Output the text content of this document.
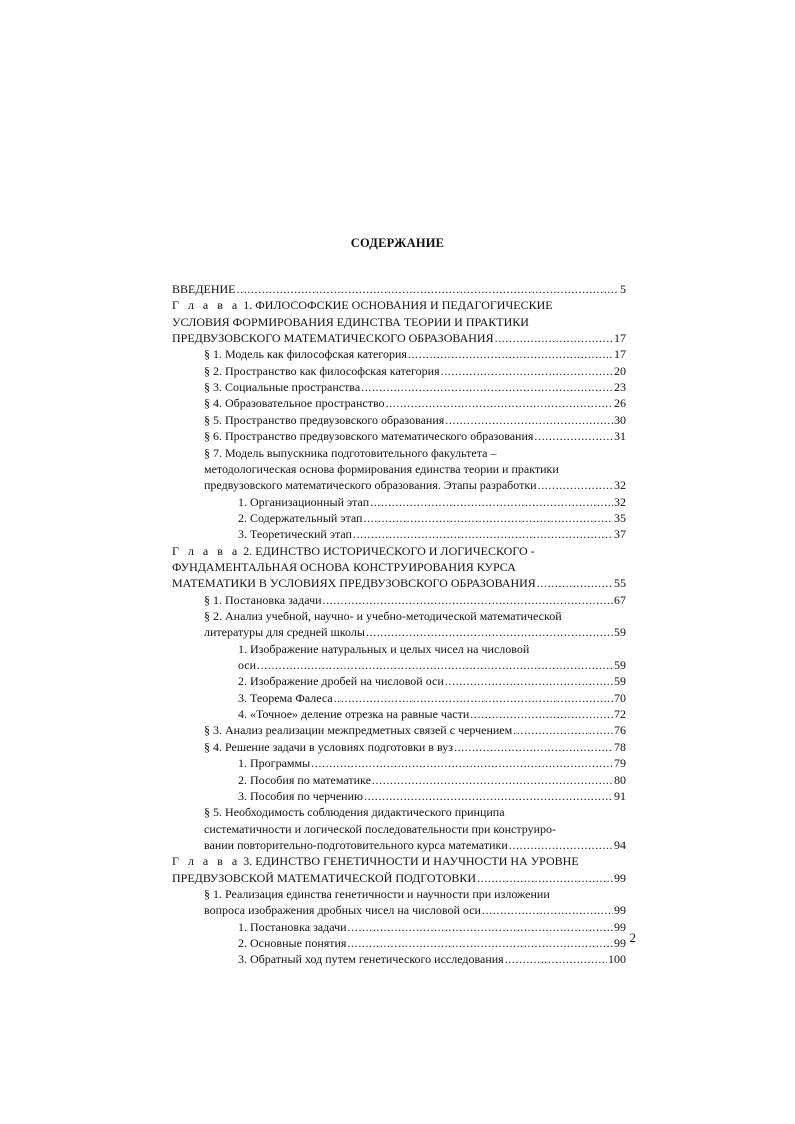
СОДЕРЖАНИЕ
ВВЕДЕНИЕ .....	5
Г л а в а 1. ФИЛОСОФСКИЕ ОСНОВАНИЯ И ПЕДАГОГИЧЕСКИЕ
УСЛОВИЯ ФОРМИРОВАНИЯ ЕДИНСТВА ТЕОРИИ И ПРАКТИКИ
ПРЕДВУЗОВСКОГО МАТЕМАТИЧЕСКОГО ОБРАЗОВАНИЯ .....	17
§ 1. Модель как философская категория .....	17
§ 2. Пространство как философская категория .....	20
§ 3. Социальные пространства .....	23
§ 4. Образовательное пространство .....	26
§ 5. Пространство предвузовского образования .....	30
§ 6. Пространство предвузовского математического образования .....	31
§ 7. Модель выпускника подготовительного факультета –
методологическая основа формирования единства теории и практики
предвузовского математического образования. Этапы разработки .....	32
1. Организационный этап .....	32
2. Содержательный этап .....	35
3. Теоретический этап .....	37
Г л а в а 2. ЕДИНСТВО ИСТОРИЧЕСКОГО И ЛОГИЧЕСКОГО -
ФУНДАМЕНТАЛЬНАЯ ОСНОВА КОНСТРУИРОВАНИЯ КУРСА
МАТЕМАТИКИ В УСЛОВИЯХ ПРЕДВУЗОВСКОГО ОБРАЗОВАНИЯ .....	55
§ 1. Постановка задачи .....	67
§ 2. Анализ учебной, научно- и учебно-методической математической
литературы для средней школы .....	59
1. Изображение натуральных и целых чисел на числовой
оси .....	59
2. Изображение дробей на числовой оси .....	59
3. Теорема Фалеса .....	70
4. «Точное» деление отрезка на равные части .....	72
§ 3. Анализ реализации межпредметных связей с черчением .....	76
§ 4. Решение задачи в условиях подготовки в вуз .....	78
1. Программы .....	79
2. Пособия по математике .....	80
3. Пособия по черчению .....	91
§ 5. Необходимость соблюдения дидактического принципа
систематичности и логической последовательности при конструиро-
вании повторительно-подготовительного курса математики .....	94
Г л а в а 3. ЕДИНСТВО ГЕНЕТИЧНОСТИ И НАУЧНОСТИ НА УРОВНЕ
ПРЕДВУЗОВСКОЙ МАТЕМАТИЧЕСКОЙ ПОДГОТОВКИ .....	99
§ 1. Реализация единства генетичности и научности при изложении
вопроса изображения дробных чисел на числовой оси .....	99
1. Постановка задачи .....	99
2. Основные понятия .....	99
3. Обратный ход путем генетического исследования .....	100
2
